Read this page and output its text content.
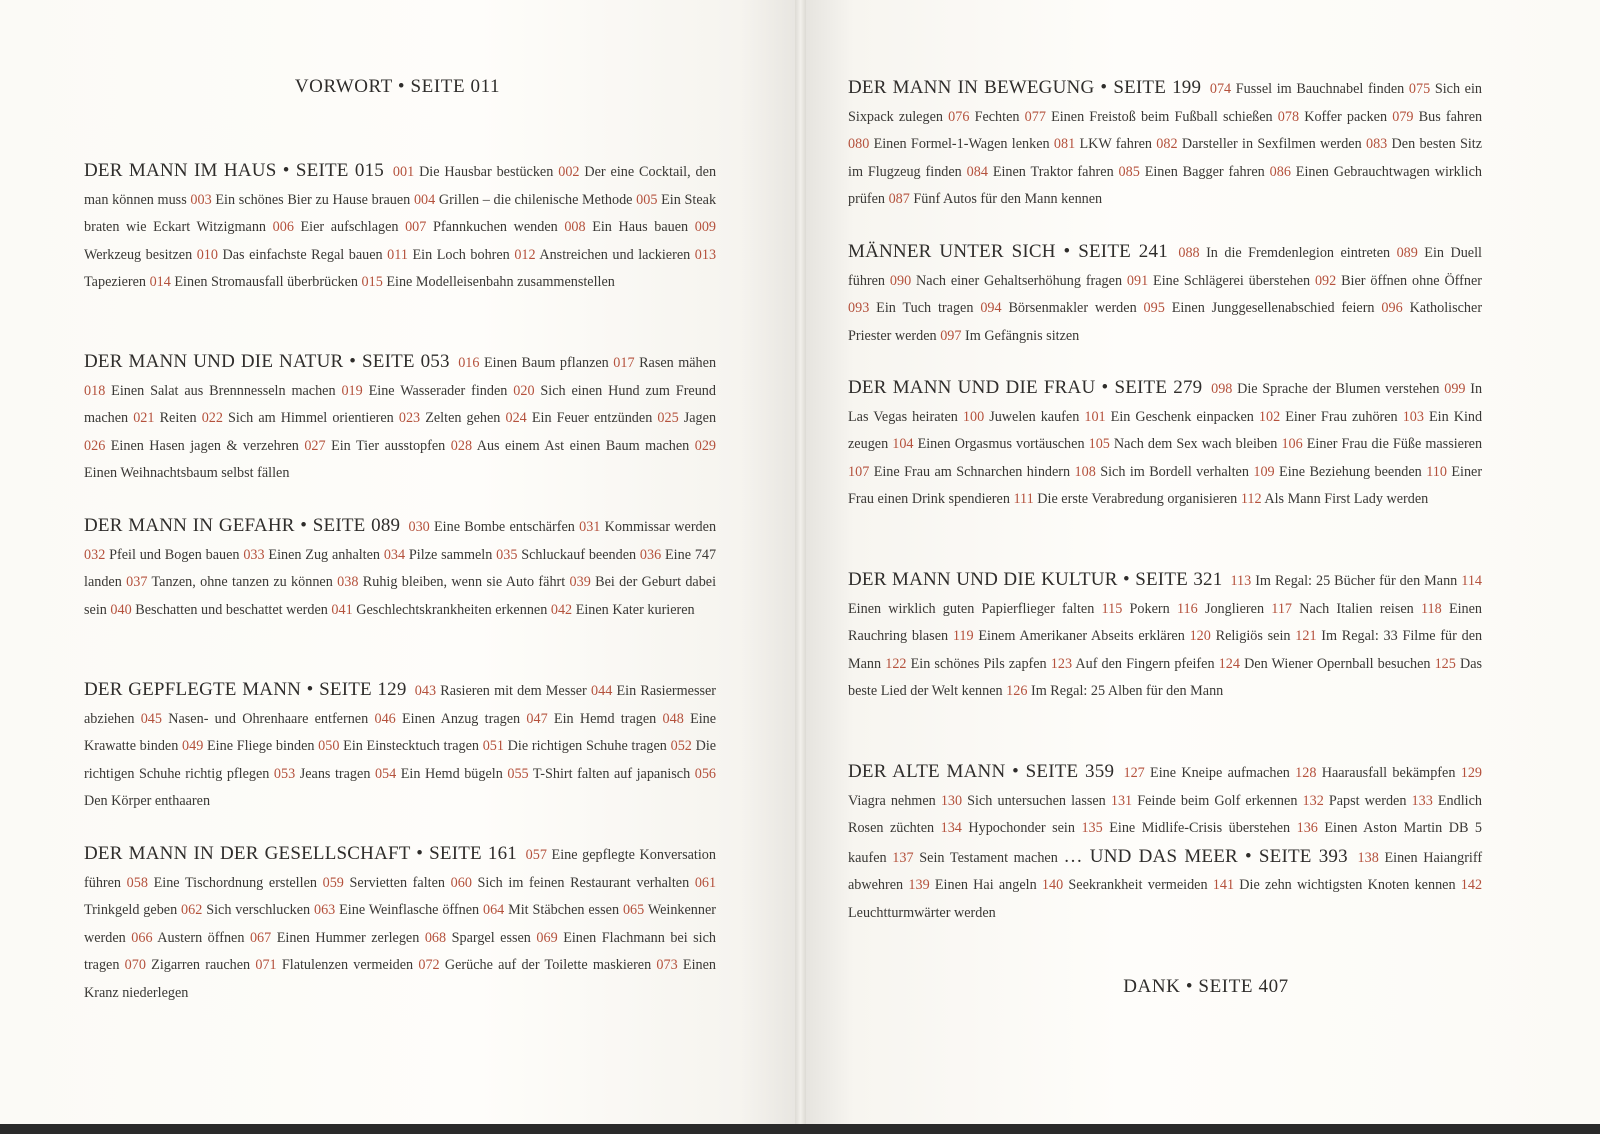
VORWORT • SEITE 011
DER MANN IM HAUS • SEITE 015 001 Die Hausbar bestücken 002 Der eine Cocktail, den man können muss 003 Ein schönes Bier zu Hause brauen 004 Grillen – die chilenische Methode 005 Ein Steak braten wie Eckart Witzigmann 006 Eier aufschlagen 007 Pfannkuchen wenden 008 Ein Haus bauen 009 Werkzeug besitzen 010 Das einfachste Regal bauen 011 Ein Loch bohren 012 Anstreichen und lackieren 013 Tapezieren 014 Einen Stromausfall überbrücken 015 Eine Modelleisenbahn zusammenstellen
DER MANN UND DIE NATUR • SEITE 053 016 Einen Baum pflanzen 017 Rasen mähen 018 Einen Salat aus Brennnesseln machen 019 Eine Wasserader finden 020 Sich einen Hund zum Freund machen 021 Reiten 022 Sich am Himmel orientieren 023 Zelten gehen 024 Ein Feuer entzünden 025 Jagen 026 Einen Hasen jagen & verzehren 027 Ein Tier ausstopfen 028 Aus einem Ast einen Baum machen 029 Einen Weihnachtsbaum selbst fällen
DER MANN IN GEFAHR • SEITE 089 030 Eine Bombe entschärfen 031 Kommissar werden 032 Pfeil und Bogen bauen 033 Einen Zug anhalten 034 Pilze sammeln 035 Schluckauf beenden 036 Eine 747 landen 037 Tanzen, ohne tanzen zu können 038 Ruhig bleiben, wenn sie Auto fährt 039 Bei der Geburt dabei sein 040 Beschatten und beschattet werden 041 Geschlechtskrankheiten erkennen 042 Einen Kater kurieren
DER GEPFLEGTE MANN • SEITE 129 043 Rasieren mit dem Messer 044 Ein Rasiermesser abziehen 045 Nasen- und Ohrenhaare entfernen 046 Einen Anzug tragen 047 Ein Hemd tragen 048 Eine Krawatte binden 049 Eine Fliege binden 050 Ein Einstecktuch tragen 051 Die richtigen Schuhe tragen 052 Die richtigen Schuhe richtig pflegen 053 Jeans tragen 054 Ein Hemd bügeln 055 T-Shirt falten auf japanisch 056 Den Körper enthaaren
DER MANN IN DER GESELLSCHAFT • SEITE 161 057 Eine gepflegte Konversation führen 058 Eine Tischordnung erstellen 059 Servietten falten 060 Sich im feinen Restaurant verhalten 061 Trinkgeld geben 062 Sich verschlucken 063 Eine Weinflasche öffnen 064 Mit Stäbchen essen 065 Weinkenner werden 066 Austern öffnen 067 Einen Hummer zerlegen 068 Spargel essen 069 Einen Flachmann bei sich tragen 070 Zigarren rauchen 071 Flatulenzen vermeiden 072 Gerüche auf der Toilette maskieren 073 Einen Kranz niederlegen
DER MANN IN BEWEGUNG • SEITE 199 074 Fussel im Bauchnabel finden 075 Sich ein Sixpack zulegen 076 Fechten 077 Einen Freistoß beim Fußball schießen 078 Koffer packen 079 Bus fahren 080 Einen Formel-1-Wagen lenken 081 LKW fahren 082 Darsteller in Sexfilmen werden 083 Den besten Sitz im Flugzeug finden 084 Einen Traktor fahren 085 Einen Bagger fahren 086 Einen Gebrauchtwagen wirklich prüfen 087 Fünf Autos für den Mann kennen
MÄNNER UNTER SICH • SEITE 241 088 In die Fremdenlegion eintreten 089 Ein Duell führen 090 Nach einer Gehaltserhöhung fragen 091 Eine Schlägerei überstehen 092 Bier öffnen ohne Öffner 093 Ein Tuch tragen 094 Börsenmakler werden 095 Einen Junggesellenabschied feiern 096 Katholischer Priester werden 097 Im Gefängnis sitzen
DER MANN UND DIE FRAU • SEITE 279 098 Die Sprache der Blumen verstehen 099 In Las Vegas heiraten 100 Juwelen kaufen 101 Ein Geschenk einpacken 102 Einer Frau zuhören 103 Ein Kind zeugen 104 Einen Orgasmus vortäuschen 105 Nach dem Sex wach bleiben 106 Einer Frau die Füße massieren 107 Eine Frau am Schnarchen hindern 108 Sich im Bordell verhalten 109 Eine Beziehung beenden 110 Einer Frau einen Drink spendieren 111 Die erste Verabredung organisieren 112 Als Mann First Lady werden
DER MANN UND DIE KULTUR • SEITE 321 113 Im Regal: 25 Bücher für den Mann 114 Einen wirklich guten Papierflieger falten 115 Pokern 116 Jonglieren 117 Nach Italien reisen 118 Einen Rauchring blasen 119 Einem Amerikaner Abseits erklären 120 Religiös sein 121 Im Regal: 33 Filme für den Mann 122 Ein schönes Pils zapfen 123 Auf den Fingern pfeifen 124 Den Wiener Opernball besuchen 125 Das beste Lied der Welt kennen 126 Im Regal: 25 Alben für den Mann
DER ALTE MANN • SEITE 359 127 Eine Kneipe aufmachen 128 Haarausfall bekämpfen 129 Viagra nehmen 130 Sich untersuchen lassen 131 Feinde beim Golf erkennen 132 Papst werden 133 Endlich Rosen züchten 134 Hypochonder sein 135 Eine Midlife-Crisis überstehen 136 Einen Aston Martin DB 5 kaufen 137 Sein Testament machen … UND DAS MEER • SEITE 393 138 Einen Haiangriff abwehren 139 Einen Hai angeln 140 Seekrankheit vermeiden 141 Die zehn wichtigsten Knoten kennen 142 Leuchtturmwärter werden
DANK • SEITE 407
